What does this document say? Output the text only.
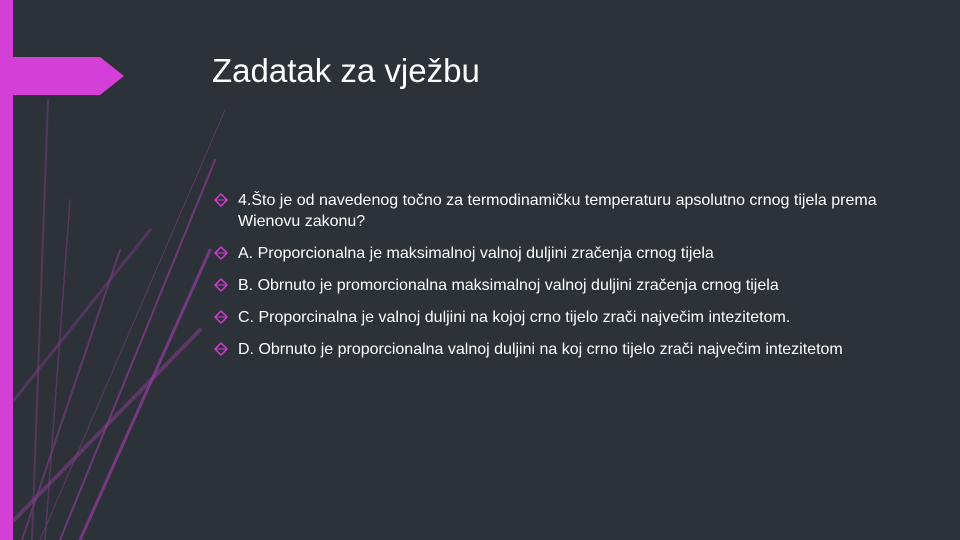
Zadatak za vježbu
4.Što je od navedenog točno za termodinamičku temperaturu apsolutno crnog tijela prema Wienovu zakonu?
A. Proporcionalna je maksimalnoj valnoj duljini zračenja crnog tijela
B. Obrnuto je promorcionalna maksimalnoj valnoj duljini zračenja crnog tijela
C. Proporcinalna je valnoj duljini na kojoj crno tijelo zrači največim intezitetom.
D. Obrnuto je proporcionalna valnoj duljini na koj crno tijelo zrači največim intezitetom
